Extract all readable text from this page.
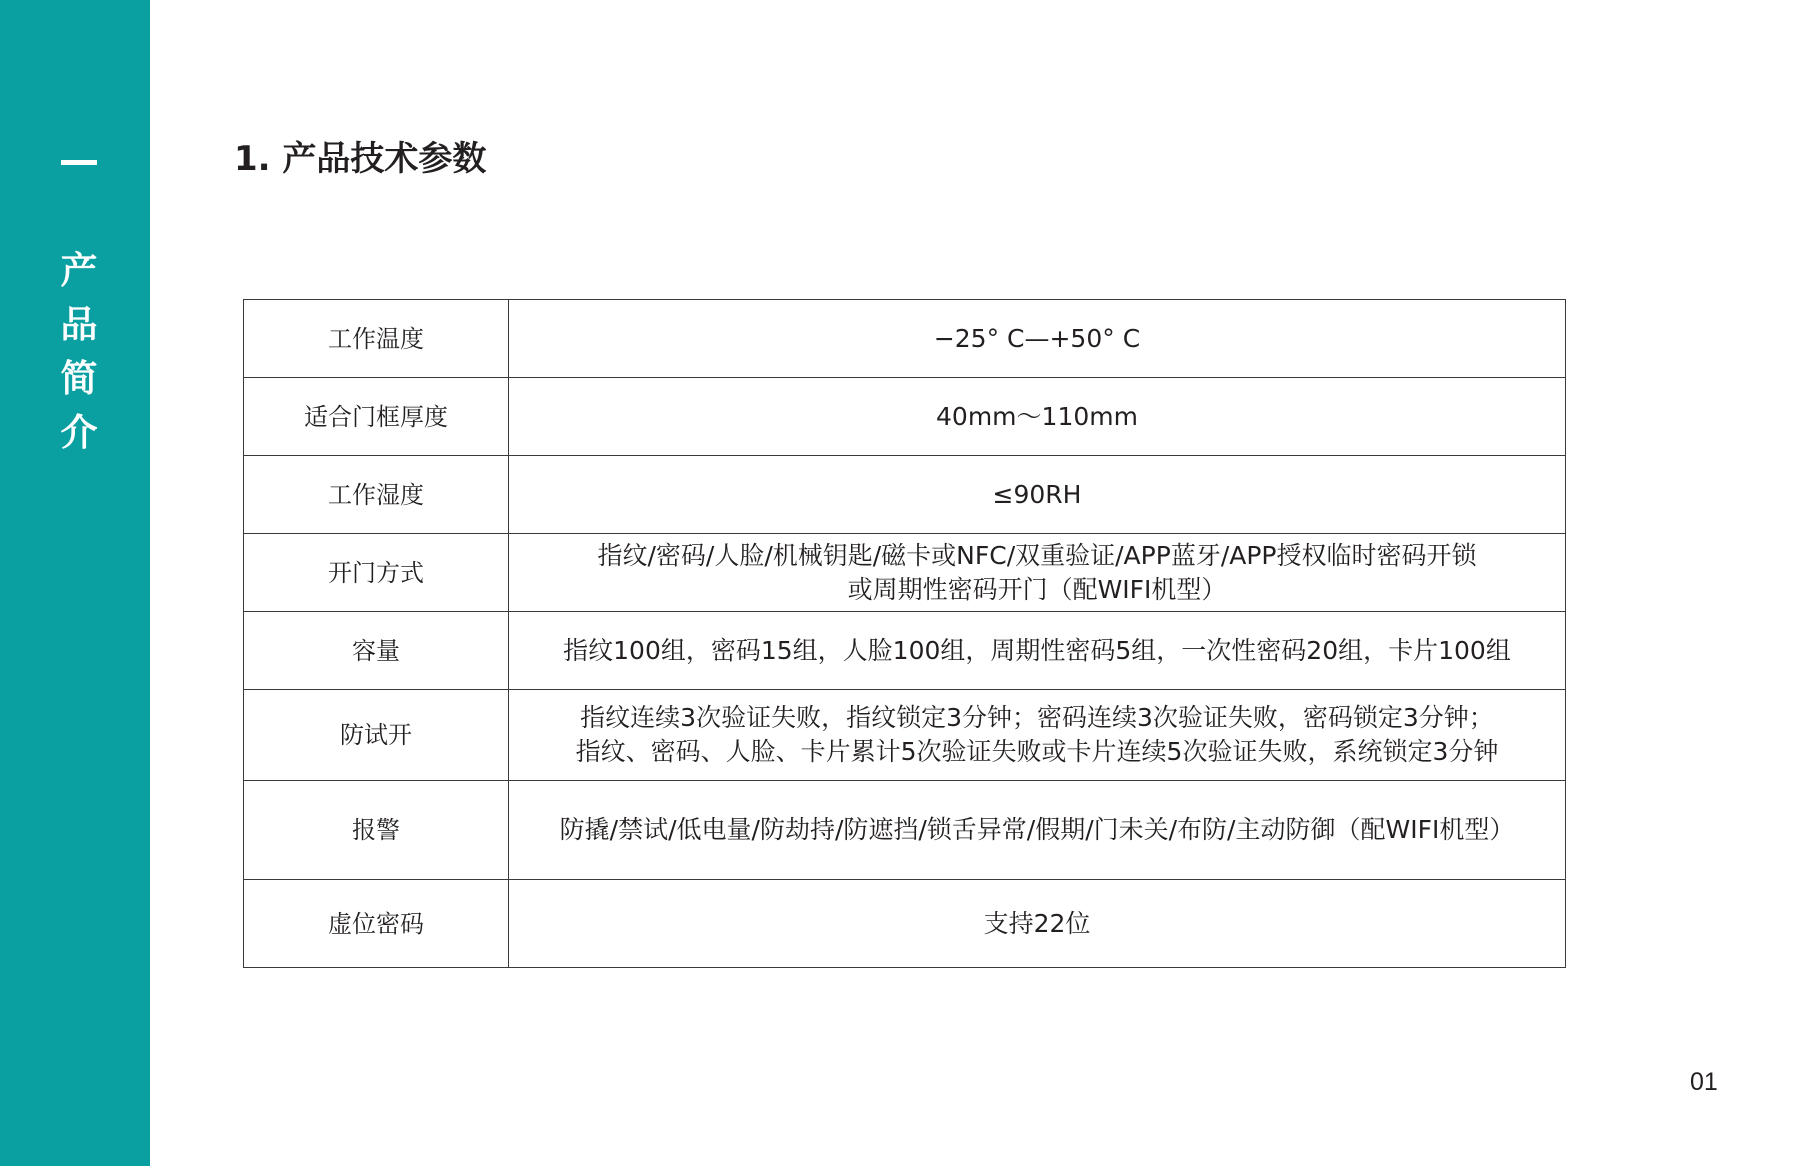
产
品
简
介
1. 产品技术参数
工作温度	−25° C—+50° C
适合门框厚度	40mm～110mm
工作湿度	≤90RH
开门方式	指纹/密码/人脸/机械钥匙/磁卡或NFC/双重验证/APP蓝牙/APP授权临时密码开锁
或周期性密码开门（配WIFI机型）
容量	指纹100组，密码15组，人脸100组，周期性密码5组，一次性密码20组，卡片100组
防试开	指纹连续3次验证失败，指纹锁定3分钟；密码连续3次验证失败，密码锁定3分钟；
指纹、密码、人脸、卡片累计5次验证失败或卡片连续5次验证失败，系统锁定3分钟
报警	防撬/禁试/低电量/防劫持/防遮挡/锁舌异常/假期/门未关/布防/主动防御（配WIFI机型）
虚位密码	支持22位
01
